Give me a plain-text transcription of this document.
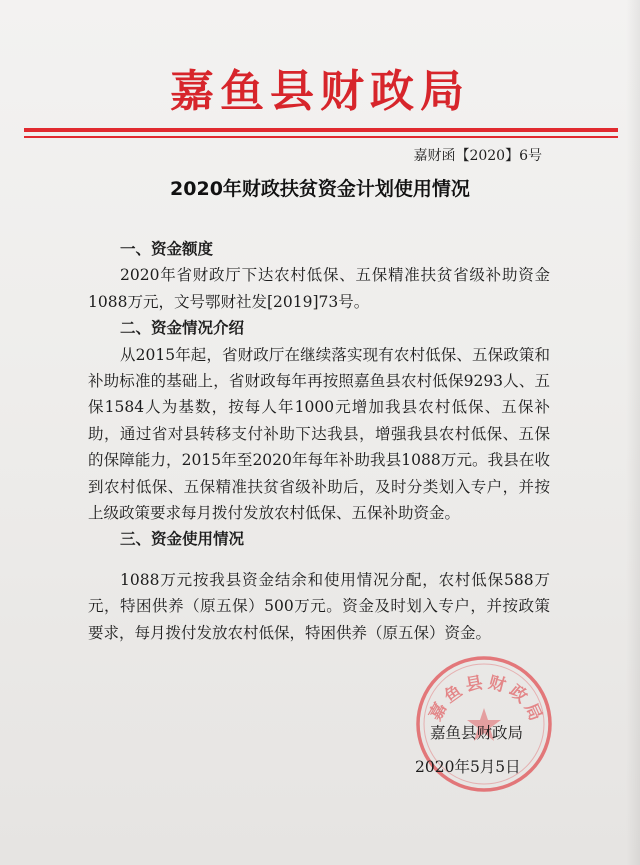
嘉鱼县财政局
嘉财函【2020】6号
2020年财政扶贫资金计划使用情况

一、资金额度

2020年省财政厅下达农村低保、五保精准扶贫省级补助资金1088万元，文号鄂财社发[2019]73号。

二、资金情况介绍

从2015年起，省财政厅在继续落实现有农村低保、五保政策和补助标准的基础上，省财政每年再按照嘉鱼县农村低保9293人、五保1584人为基数，按每人年1000元增加我县农村低保、五保补助，通过省对县转移支付补助下达我县，增强我县农村低保、五保的保障能力，2015年至2020年每年补助我县1088万元。我县在收到农村低保、五保精准扶贫省级补助后，及时分类划入专户，并按上级政策要求每月拨付发放农村低保、五保补助资金。

三、资金使用情况

1088万元按我县资金结余和使用情况分配，农村低保588万元，特困供养（原五保）500万元。资金及时划入专户，并按政策要求，每月拨付发放农村低保，特困供养（原五保）资金。

嘉鱼县财政局
嘉鱼县财政局
2020年5月5日
